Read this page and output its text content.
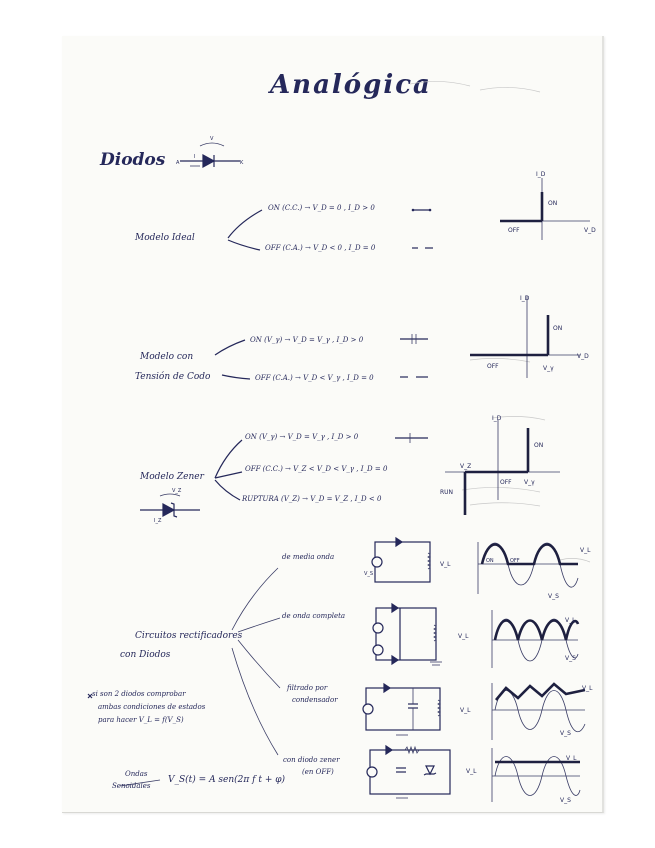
Analógica
Diodos
Modelo Ideal
ON (C.C.) → V_D = 0 , I_D > 0
OFF (C.A.) → V_D < 0 , I_D = 0
Modelo con
Tensión de Codo
ON (V_γ) → V_D = V_γ , I_D > 0
OFF (C.A.) → V_D < V_γ , I_D = 0
Modelo Zener
ON (V_γ) → V_D = V_γ , I_D > 0
OFF (C.C.) → V_Z < V_D < V_γ , I_D = 0
RUPTURA (V_Z) → V_D = V_Z , I_D < 0
Circuitos rectificadores
con Diodos
de media onda
de onda completa
filtrado por
condensador
con diodo zener
(en OFF)
si son 2 diodos comprobar
ambas condiciones de estados
para hacer V_L = f(V_S)
Ondas
Senoidales
V_S(t) = A sen(2π f t + φ)
A	K
I
V
I_D
V_D
ON
OFF
I_D
V_D
ON
OFF	V_γ
V_Z
I_Z
I_D
ON
OFF
RUN
V_Z
V_γ
V_L
V_S
V_L
V_L
V_L
ON	OFF
V_L
V_S
V_L
V_S
V_L
V_S
V_L
V_S
